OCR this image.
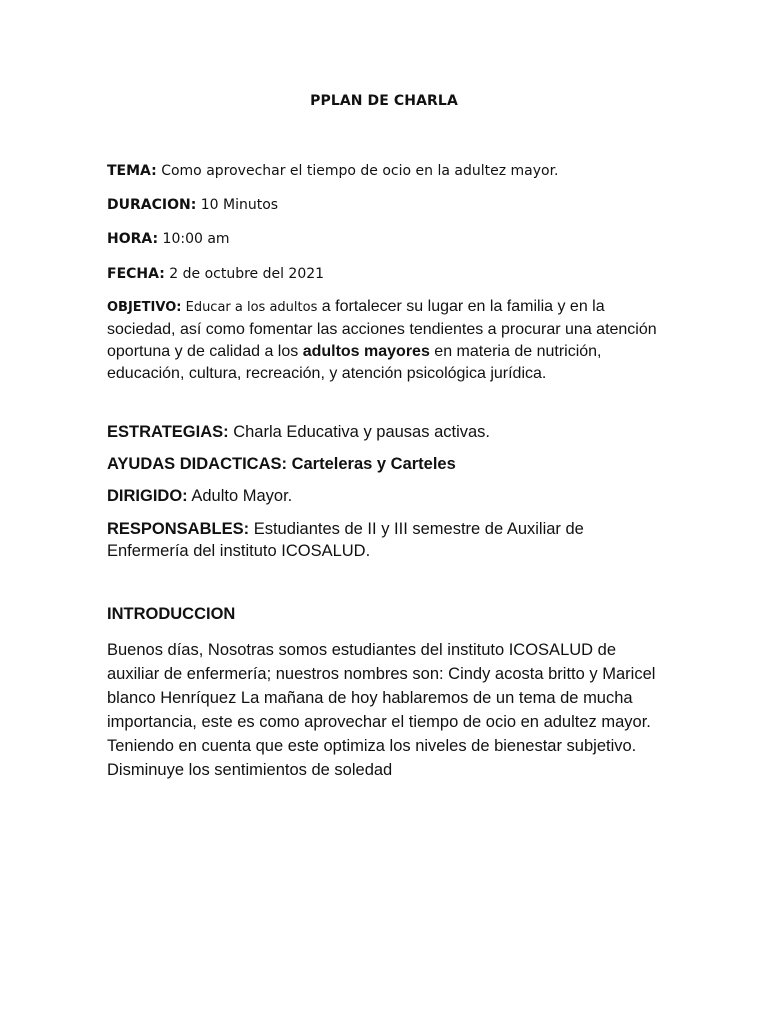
PPLAN DE CHARLA

TEMA: Como aprovechar el tiempo de ocio en la adultez mayor.

DURACION: 10 Minutos

HORA: 10:00 am

FECHA: 2 de octubre del 2021

OBJETIVO: Educar a los adultos a fortalecer su lugar en la familia y en la sociedad, así como fomentar las acciones tendientes a procurar una atención oportuna y de calidad a los adultos mayores en materia de nutrición, educación, cultura, recreación, y atención psicológica jurídica.

ESTRATEGIAS: Charla Educativa y pausas activas.

AYUDAS DIDACTICAS: Carteleras y Carteles

DIRIGIDO: Adulto Mayor.

RESPONSABLES: Estudiantes de II y III semestre de Auxiliar de Enfermería del instituto ICOSALUD.

INTRODUCCION

Buenos días, Nosotras somos estudiantes del instituto ICOSALUD de auxiliar de enfermería; nuestros nombres son: Cindy acosta britto y Maricel blanco Henríquez La mañana de hoy hablaremos de un tema de mucha importancia, este es como aprovechar el tiempo de ocio en adultez mayor. Teniendo en cuenta que este optimiza los niveles de bienestar subjetivo. Disminuye los sentimientos de soledad
